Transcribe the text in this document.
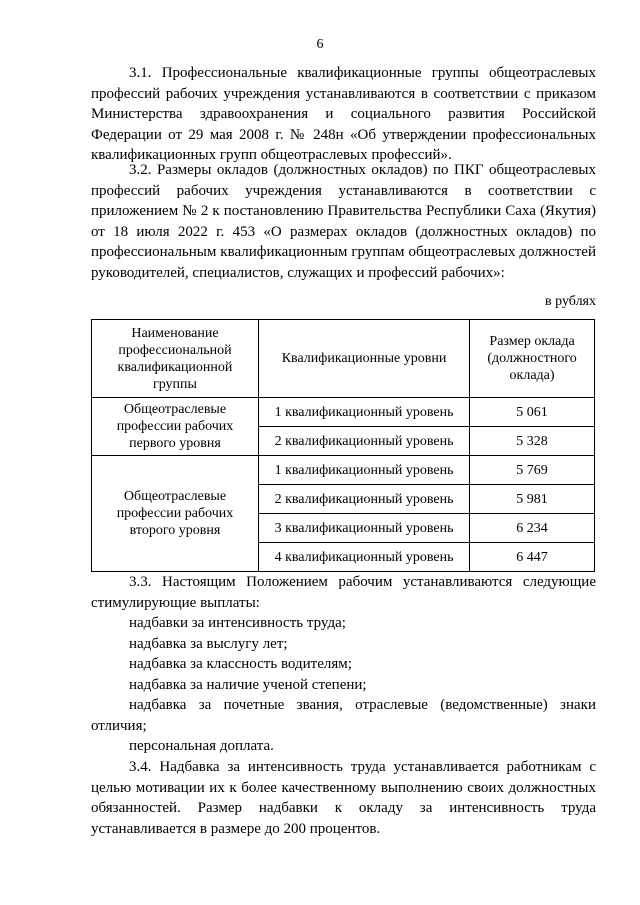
6

3.1. Профессиональные квалификационные группы общеотраслевых профессий рабочих учреждения устанавливаются в соответствии с приказом Министерства здравоохранения и социального развития Российской Федерации от 29 мая 2008 г. № 248н «Об утверждении профессиональных квалификационных групп общеотраслевых профессий».

3.2. Размеры окладов (должностных окладов) по ПКГ общеотраслевых профессий рабочих учреждения устанавливаются в соответствии с приложением № 2 к постановлению Правительства Республики Саха (Якутия) от 18 июля 2022 г. 453 «О размерах окладов (должностных окладов) по профессиональным квалификационным группам общеотраслевых должностей руководителей, специалистов, служащих и профессий рабочих»:

в рублях
Наименование профессиональной квалификационной группы	Квалификационные уровни	Размер оклада (должностного оклада)
Общеотраслевые профессии рабочих первого уровня	1 квалификационный уровень	5 061
	2 квалификационный уровень	5 328
Общеотраслевые профессии рабочих второго уровня	1 квалификационный уровень	5 769
	2 квалификационный уровень	5 981
	3 квалификационный уровень	6 234
	4 квалификационный уровень	6 447

3.3. Настоящим Положением рабочим устанавливаются следующие стимулирующие выплаты:

надбавки за интенсивность труда;

надбавка за выслугу лет;

надбавка за классность водителям;

надбавка за наличие ученой степени;

надбавка за почетные звания, отраслевые (ведомственные) знаки отличия;

персональная доплата.

3.4. Надбавка за интенсивность труда устанавливается работникам с целью мотивации их к более качественному выполнению своих должностных обязанностей. Размер надбавки к окладу за интенсивность труда устанавливается в размере до 200 процентов.
